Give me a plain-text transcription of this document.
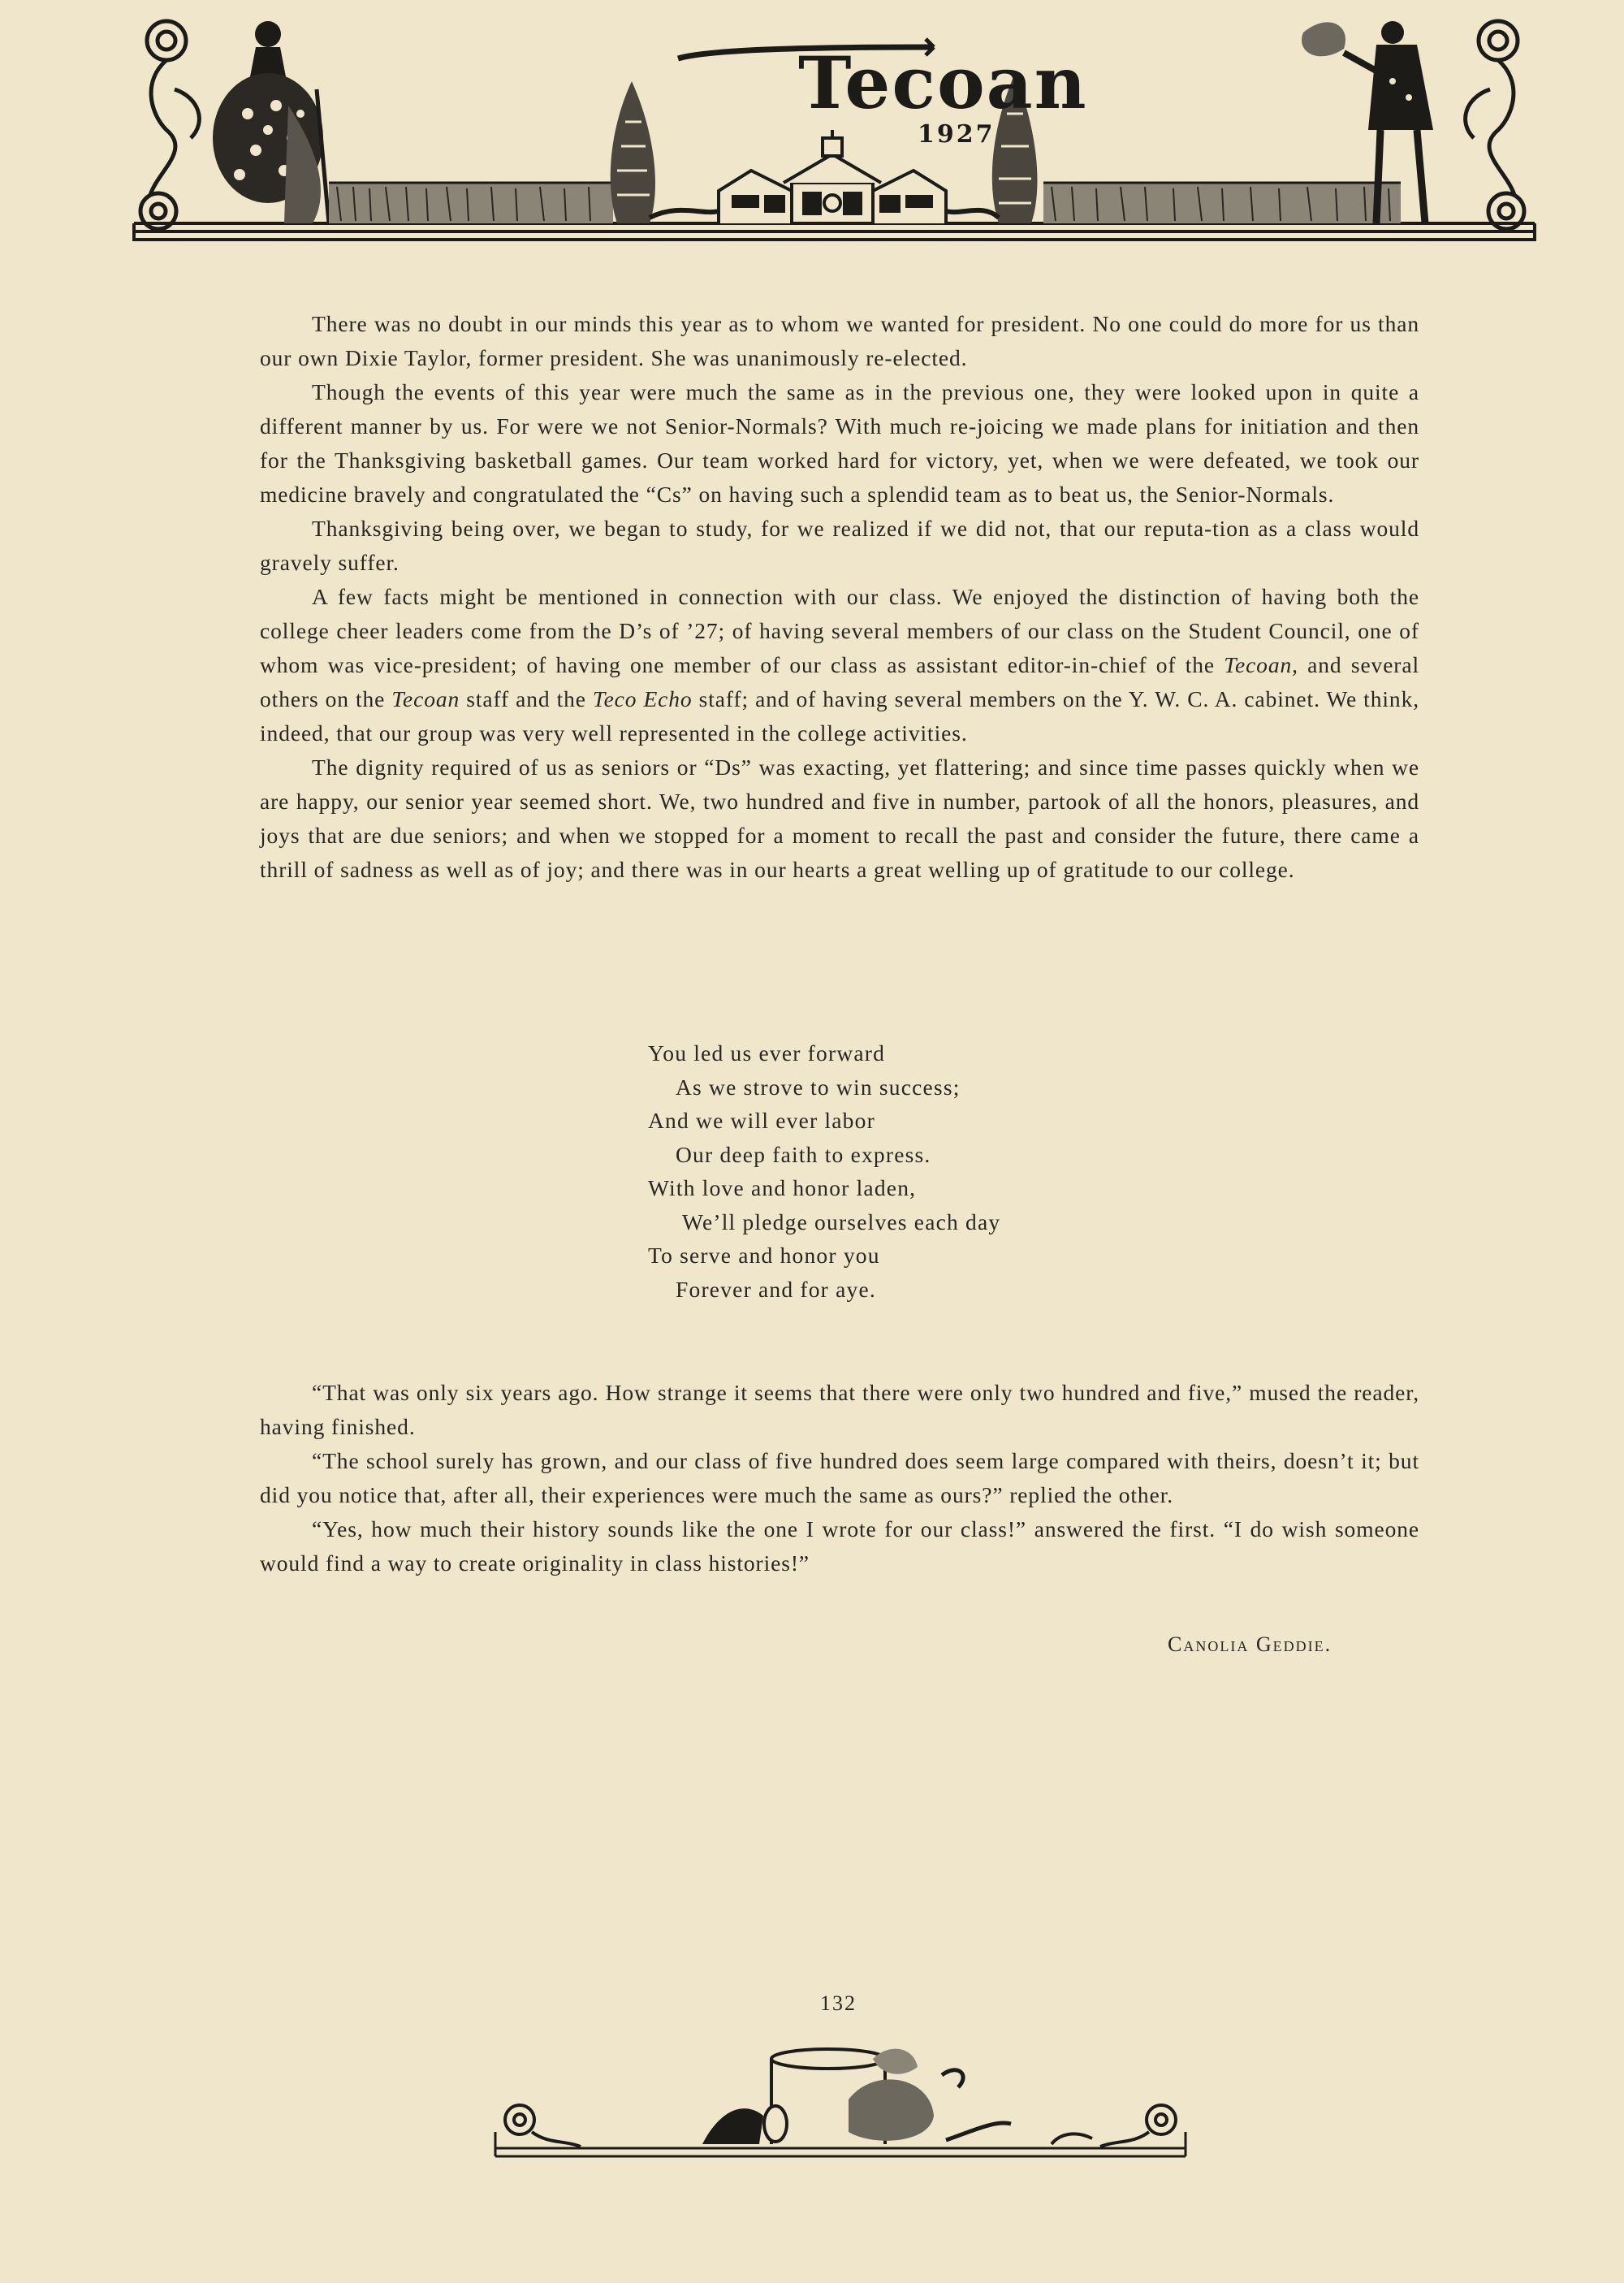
Tecoan
1927

There was no doubt in our minds this year as to whom we wanted for president. No one could do more for us than our own Dixie Taylor, former president. She was unanimously re-elected.

Though the events of this year were much the same as in the previous one, they were looked upon in quite a different manner by us. For were we not Senior-Normals? With much re-joicing we made plans for initiation and then for the Thanksgiving basketball games. Our team worked hard for victory, yet, when we were defeated, we took our medicine bravely and congratulated the “Cs” on having such a splendid team as to beat us, the Senior-Normals.

Thanksgiving being over, we began to study, for we realized if we did not, that our reputa-tion as a class would gravely suffer.

A few facts might be mentioned in connection with our class. We enjoyed the distinction of having both the college cheer leaders come from the D’s of ’27; of having several members of our class on the Student Council, one of whom was vice-president; of having one member of our class as assistant editor-in-chief of the Tecoan, and several others on the Tecoan staff and the Teco Echo staff; and of having several members on the Y. W. C. A. cabinet. We think, indeed, that our group was very well represented in the college activities.

The dignity required of us as seniors or “Ds” was exacting, yet flattering; and since time passes quickly when we are happy, our senior year seemed short. We, two hundred and five in number, partook of all the honors, pleasures, and joys that are due seniors; and when we stopped for a moment to recall the past and consider the future, there came a thrill of sadness as well as of joy; and there was in our hearts a great welling up of gratitude to our college.

You led us ever forward
As we strove to win success;
And we will ever labor
Our deep faith to express.
With love and honor laden,
We’ll pledge ourselves each day
To serve and honor you
Forever and for aye.

“That was only six years ago. How strange it seems that there were only two hundred and five,” mused the reader, having finished.

“The school surely has grown, and our class of five hundred does seem large compared with theirs, doesn’t it; but did you notice that, after all, their experiences were much the same as ours?” replied the other.

“Yes, how much their history sounds like the one I wrote for our class!” answered the first. “I do wish someone would find a way to create originality in class histories!”

Canolia Geddie.
132
